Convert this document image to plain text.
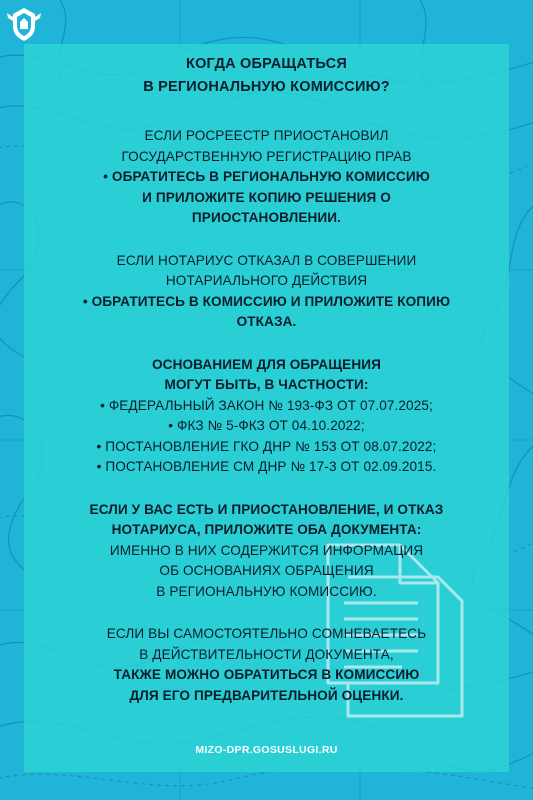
КОГДА ОБРАЩАТЬСЯ
В РЕГИОНАЛЬНУЮ КОМИССИЮ?
ЕСЛИ РОСРЕЕСТР ПРИОСТАНОВИЛ
ГОСУДАРСТВЕННУЮ РЕГИСТРАЦИЮ ПРАВ
• ОБРАТИТЕСЬ В РЕГИОНАЛЬНУЮ КОМИССИЮ
И ПРИЛОЖИТЕ КОПИЮ РЕШЕНИЯ О
ПРИОСТАНОВЛЕНИИ.
ЕСЛИ НОТАРИУС ОТКАЗАЛ В СОВЕРШЕНИИ
НОТАРИАЛЬНОГО ДЕЙСТВИЯ
• ОБРАТИТЕСЬ В КОМИССИЮ И ПРИЛОЖИТЕ КОПИЮ
ОТКАЗА.
ОСНОВАНИЕМ ДЛЯ ОБРАЩЕНИЯ
МОГУТ БЫТЬ, В ЧАСТНОСТИ:
• ФЕДЕРАЛЬНЫЙ ЗАКОН № 193-ФЗ ОТ 07.07.2025;
• ФКЗ № 5-ФКЗ ОТ 04.10.2022;
• ПОСТАНОВЛЕНИЕ ГКО ДНР № 153 ОТ 08.07.2022;
• ПОСТАНОВЛЕНИЕ СМ ДНР № 17-3 ОТ 02.09.2015.
ЕСЛИ У ВАС ЕСТЬ И ПРИОСТАНОВЛЕНИЕ, И ОТКАЗ
НОТАРИУСА, ПРИЛОЖИТЕ ОБА ДОКУМЕНТА:
ИМЕННО В НИХ СОДЕРЖИТСЯ ИНФОРМАЦИЯ
ОБ ОСНОВАНИЯХ ОБРАЩЕНИЯ
В РЕГИОНАЛЬНУЮ КОМИССИЮ.
ЕСЛИ ВЫ САМОСТОЯТЕЛЬНО СОМНЕВАЕТЕСЬ
В ДЕЙСТВИТЕЛЬНОСТИ ДОКУМЕНТА,
ТАКЖЕ МОЖНО ОБРАТИТЬСЯ В КОМИССИЮ
ДЛЯ ЕГО ПРЕДВАРИТЕЛЬНОЙ ОЦЕНКИ.
MIZO-DPR.GOSUSLUGI.RU
